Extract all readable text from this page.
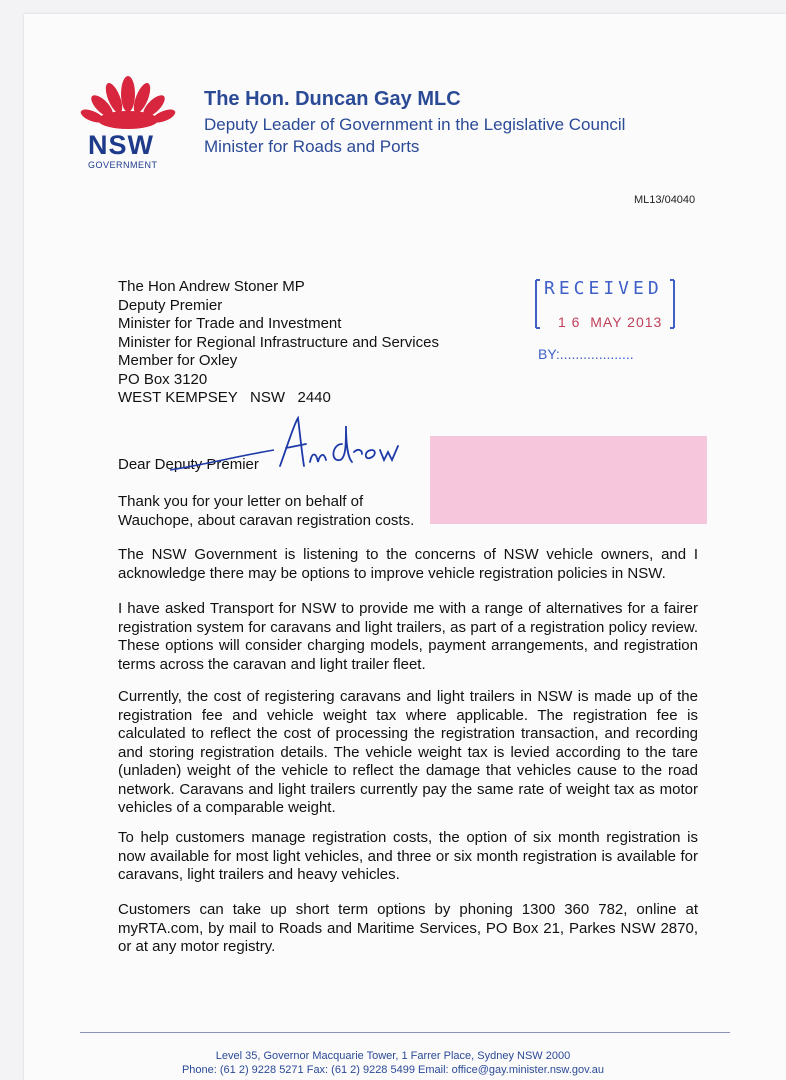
NSW
GOVERNMENT
The Hon. Duncan Gay MLC
Deputy Leader of Government in the Legislative Council
Minister for Roads and Ports
ML13/04040
The Hon Andrew Stoner MP
Deputy Premier
Minister for Trade and Investment
Minister for Regional Infrastructure and Services
Member for Oxley
PO Box 3120
WEST KEMPSEY   NSW   2440
RECEIVED
1 6  MAY 2013
BY:...................
Dear Deputy Premier
Thank you for your letter on behalf of Wauchope, about caravan registration costs.
The NSW Government is listening to the concerns of NSW vehicle owners, and I acknowledge there may be options to improve vehicle registration policies in NSW.
I have asked Transport for NSW to provide me with a range of alternatives for a fairer registration system for caravans and light trailers, as part of a registration policy review. These options will consider charging models, payment arrangements, and registration terms across the caravan and light trailer fleet.
Currently, the cost of registering caravans and light trailers in NSW is made up of the registration fee and vehicle weight tax where applicable. The registration fee is calculated to reflect the cost of processing the registration transaction, and recording and storing registration details. The vehicle weight tax is levied according to the tare (unladen) weight of the vehicle to reflect the damage that vehicles cause to the road network. Caravans and light trailers currently pay the same rate of weight tax as motor vehicles of a comparable weight.
To help customers manage registration costs, the option of six month registration is now available for most light vehicles, and three or six month registration is available for caravans, light trailers and heavy vehicles.
Customers can take up short term options by phoning 1300 360 782, online at myRTA.com, by mail to Roads and Maritime Services, PO Box 21, Parkes NSW 2870, or at any motor registry.
Level 35, Governor Macquarie Tower, 1 Farrer Place, Sydney NSW 2000
Phone: (61 2) 9228 5271 Fax: (61 2) 9228 5499 Email: office@gay.minister.nsw.gov.au
